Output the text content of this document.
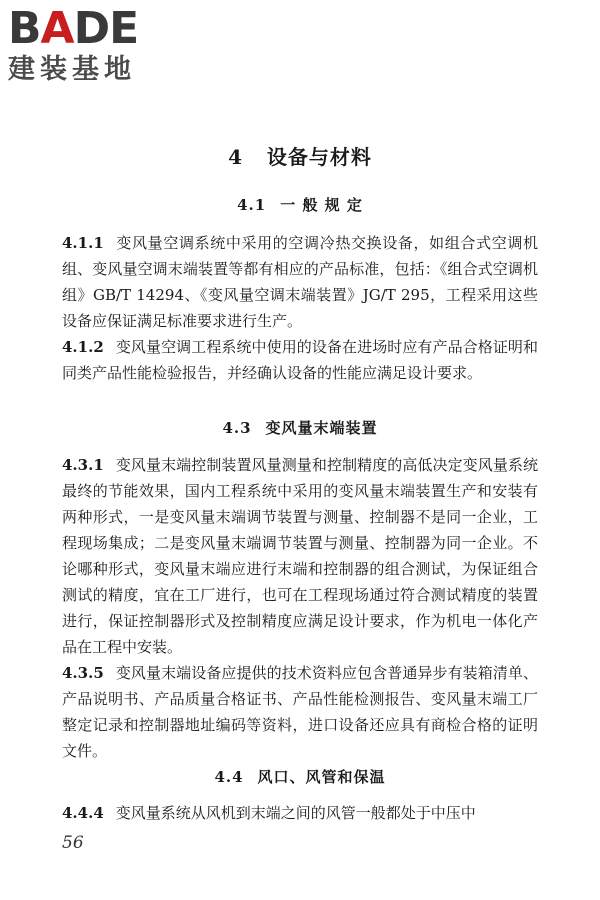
BADE
建装基地
4 设备与材料
4.1 一 般 规 定
4.1.1 变风量空调系统中采用的空调冷热交换设备，如组合式空调机组、变风量空调末端装置等都有相应的产品标准，包括：《组合式空调机组》GB/T 14294、《变风量空调末端装置》JG/T 295，工程采用这些设备应保证满足标准要求进行生产。
4.1.2 变风量空调工程系统中使用的设备在进场时应有产品合格证明和同类产品性能检验报告，并经确认设备的性能应满足设计要求。
4.3 变风量末端装置
4.3.1 变风量末端控制装置风量测量和控制精度的高低决定变风量系统最终的节能效果，国内工程系统中采用的变风量末端装置生产和安装有两种形式，一是变风量末端调节装置与测量、控制器不是同一企业，工程现场集成；二是变风量末端调节装置与测量、控制器为同一企业。不论哪种形式，变风量末端应进行末端和控制器的组合测试，为保证组合测试的精度，宜在工厂进行，也可在工程现场通过符合测试精度的装置进行，保证控制器形式及控制精度应满足设计要求，作为机电一体化产品在工程中安装。
4.3.5 变风量末端设备应提供的技术资料应包含普通异步有装箱清单、产品说明书、产品质量合格证书、产品性能检测报告、变风量末端工厂整定记录和控制器地址编码等资料，进口设备还应具有商检合格的证明文件。
4.4 风口、风管和保温
4.4.4 变风量系统从风机到末端之间的风管一般都处于中压中
56
